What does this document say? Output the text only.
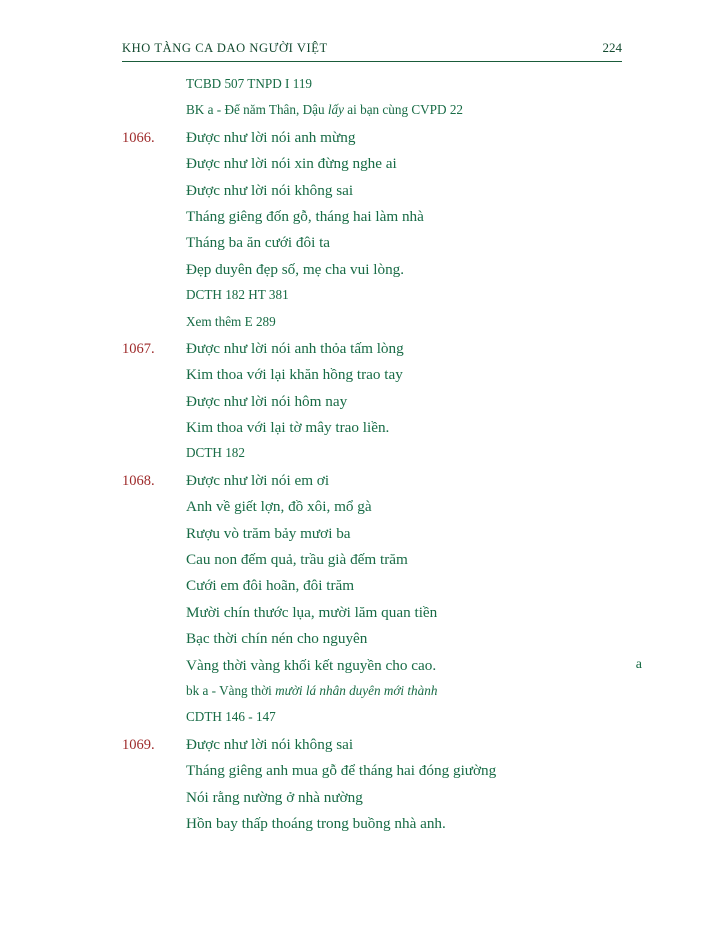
KHO TÀNG CA DAO NGƯỜI VIỆT	224
TCBD 507 TNPD I 119
BK a - Để năm Thân, Dậu lấy ai bạn cùng CVPD 22
1066.	Được như lời nói anh mừng
Được như lời nói xin đừng nghe ai
Được như lời nói không sai
Tháng giêng đốn gỗ, tháng hai làm nhà
Tháng ba ăn cưới đôi ta
Đẹp duyên đẹp số, mẹ cha vui lòng.
DCTH 182 HT 381
Xem thêm E 289
1067.	Được như lời nói anh thỏa tấm lòng
Kim thoa với lại khăn hồng trao tay
Được như lời nói hôm nay
Kim thoa với lại tờ mây trao liền.
DCTH 182
1068.	Được như lời nói em ơi
Anh về giết lợn, đồ xôi, mổ gà
Rượu vò trăm bảy mươi ba
Cau non đếm quả, trầu già đếm trăm
Cưới em đôi hoãn, đôi trăm
Mười chín thước lụa, mười lăm quan tiền
Bạc thời chín nén cho nguyên
Vàng thời vàng khối kết nguyền cho cao.	a
bk a - Vàng thời mười lá nhân duyên mới thành
CDTH 146 - 147
1069.	Được như lời nói không sai
Tháng giêng anh mua gỗ để tháng hai đóng giường
Nói rằng nường ở nhà nường
Hồn bay thấp thoáng trong buồng nhà anh.
